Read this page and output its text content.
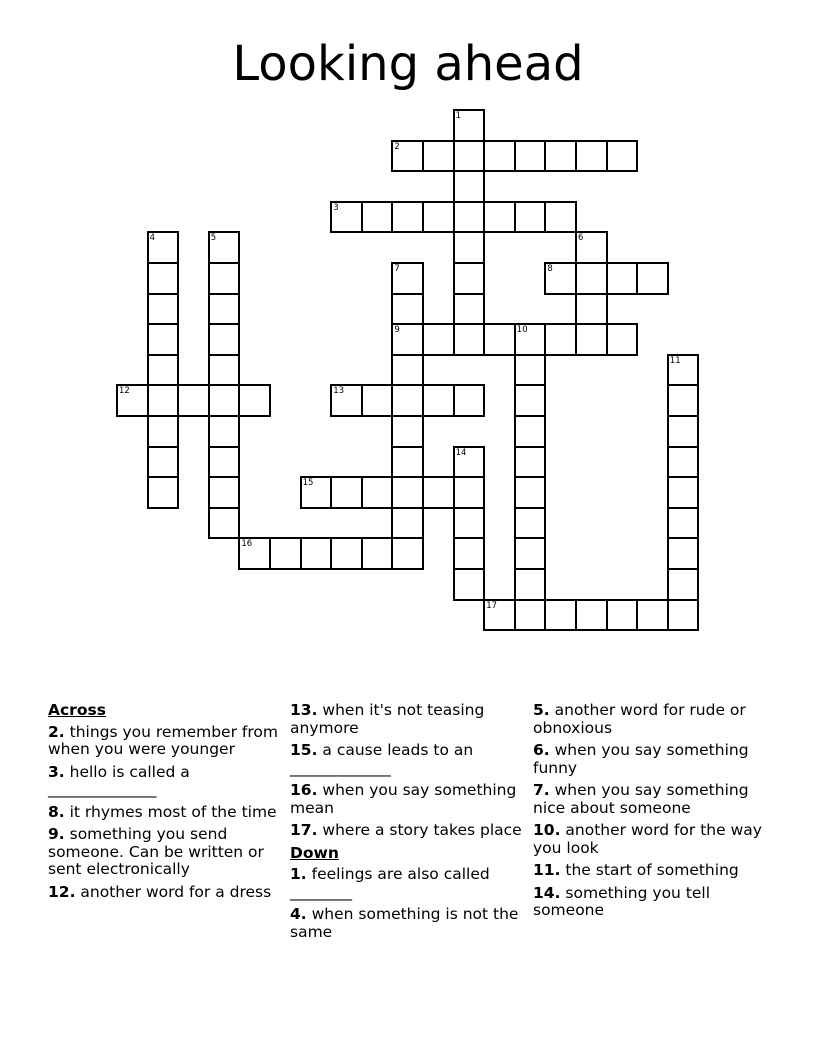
Looking ahead
1
2
3
4	5	6
7
9
8
10
11
12	13
14
15
16
17
Across
2. things you remember from when you were younger
3. hello is called a ______________
8. it rhymes most of the time
9. something you send someone. Can be written or sent electronically
12. another word for a dress
13. when it's not teasing anymore
15. a cause leads to an _____________
16. when you say something mean
17. where a story takes place
Down
1. feelings are also called ________
4. when something is not the same
5. another word for rude or obnoxious
6. when you say something funny
7. when you say something nice about someone
10. another word for the way you look
11. the start of something
14. something you tell someone
